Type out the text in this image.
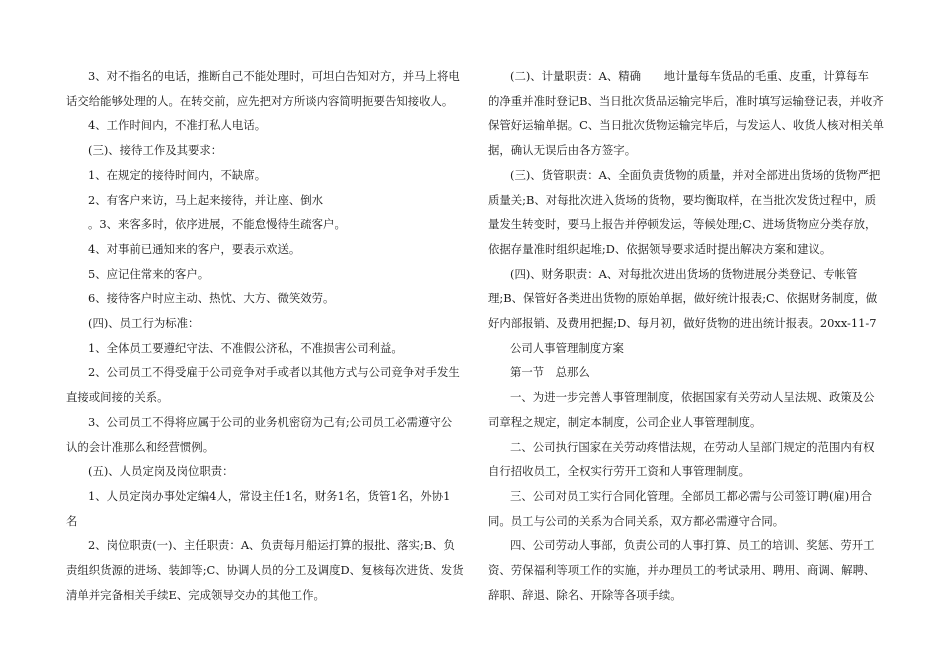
3、对不指名的电话，推断自己不能处理时，可坦白告知对方，并马上将电

话交给能够处理的人。在转交前，应先把对方所谈内容简明扼要告知接收人。

4、工作时间内，不准打私人电话。

(三)、接待工作及其要求：

1、在规定的接待时间内，不缺席。

2、有客户来访，马上起来接待，并让座、倒水

。3、来客多时，依序进展，不能怠慢待生疏客户。

4、对事前已通知来的客户，要表示欢送。

5、应记住常来的客户。

6、接待客户时应主动、热忱、大方、微笑效劳。

(四)、员工行为标准：

1、全体员工要遵纪守法、不准假公济私，不准损害公司利益。

2、公司员工不得受雇于公司竞争对手或者以其他方式与公司竞争对手发生

直接或间接的关系。

3、公司员工不得将应属于公司的业务机密窃为己有;公司员工必需遵守公

认的会计准那么和经营惯例。

(五)、人员定岗及岗位职责：

1、人员定岗办事处定编4人，常设主任1名，财务1名，货管1名，外协1

名

2、岗位职责(一)、主任职责：A、负责每月船运打算的报批、落实;B、负

责组织货源的进场、装卸等;C、协调人员的分工及调度D、复核每次进货、发货

清单并完备相关手续E、完成领导交办的其他工作。

(二)、计量职责：A、精确　　地计量每车货品的毛重、皮重，计算每车

的净重并准时登记B、当日批次货品运输完毕后，准时填写运输登记表，并收齐

保管好运输单据。C、当日批次货物运输完毕后，与发运人、收货人核对相关单

据，确认无误后由各方签字。

(三)、货管职责：A、全面负责货物的质量，并对全部进出货场的货物严把

质量关;B、对每批次进入货场的货物，要均衡取样，在当批次发货过程中，质

量发生转变时，要马上报告并停顿发运，等候处理;C、进场货物应分类存放，

依据存量准时组织起堆;D、依据领导要求适时提出解决方案和建议。

(四)、财务职责：A、对每批次进出货场的货物进展分类登记、专帐管

理;B、保管好各类进出货物的原始单据，做好统计报表;C、依据财务制度，做

好内部报销、及费用把握;D、每月初，做好货物的进出统计报表。20xx-11-7

公司人事管理制度方案

第一节　总那么

一、为进一步完善人事管理制度，依据国家有关劳动人呈法规、政策及公

司章程之规定，制定本制度，公司企业人事管理制度。

二、公司执行国家在关劳动疼惜法规，在劳动人呈部门规定的范围内有权

自行招收员工，全权实行劳开工资和人事管理制度。

三、公司对员工实行合同化管理。全部员工都必需与公司签订聘(雇)用合

同。员工与公司的关系为合同关系，双方都必需遵守合同。

四、公司劳动人事部，负责公司的人事打算、员工的培训、奖惩、劳开工

资、劳保福利等项工作的实施，并办理员工的考试录用、聘用、商调、解聘、

辞职、辞退、除名、开除等各项手续。
